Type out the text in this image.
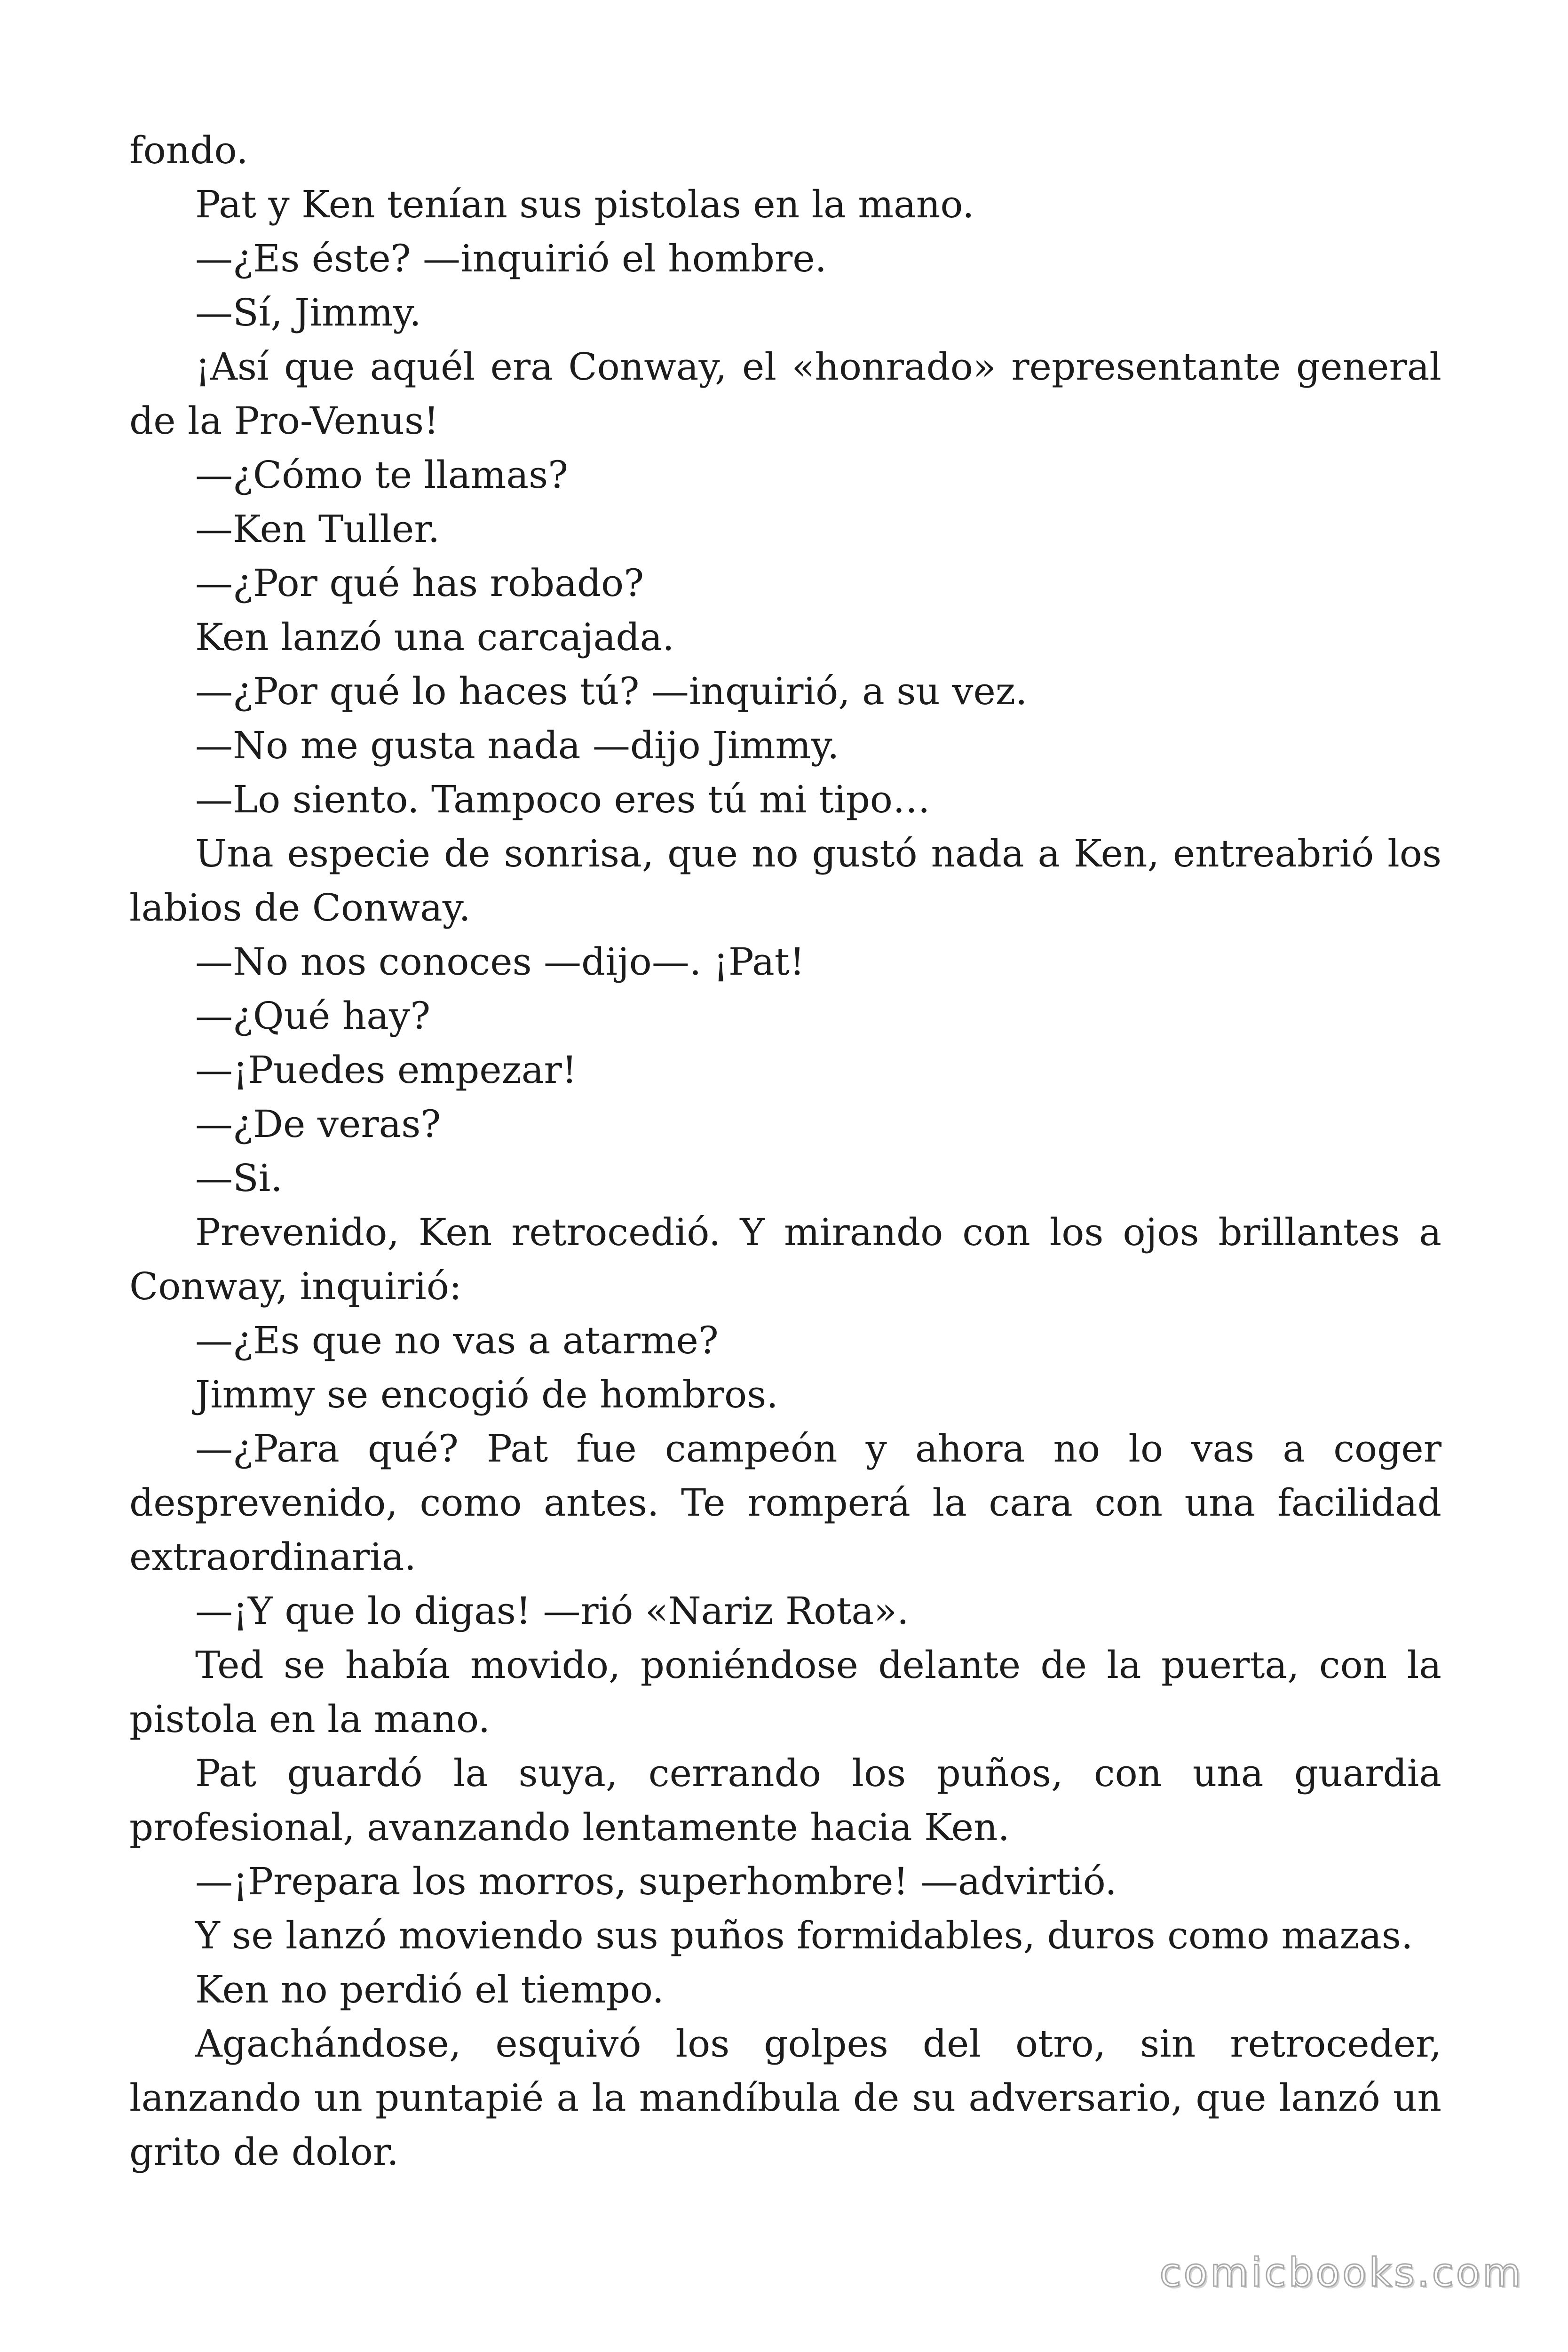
fondo.

Pat y Ken tenían sus pistolas en la mano.

—¿Es éste? —inquirió el hombre.

—Sí, Jimmy.

¡Así que aquél era Conway, el «honrado» representante general de la Pro-Venus!

—¿Cómo te llamas?

—Ken Tuller.

—¿Por qué has robado?

Ken lanzó una carcajada.

—¿Por qué lo haces tú? —inquirió, a su vez.

—No me gusta nada —dijo Jimmy.

—Lo siento. Tampoco eres tú mi tipo…

Una especie de sonrisa, que no gustó nada a Ken, entreabrió los labios de Conway.

—No nos conoces —dijo—. ¡Pat!

—¿Qué hay?

—¡Puedes empezar!

—¿De veras?

—Si.

Prevenido, Ken retrocedió. Y mirando con los ojos brillantes a Conway, inquirió:

—¿Es que no vas a atarme?

Jimmy se encogió de hombros.

—¿Para qué? Pat fue campeón y ahora no lo vas a coger desprevenido, como antes. Te romperá la cara con una facilidad extraordinaria.

—¡Y que lo digas! —rió «Nariz Rota».

Ted se había movido, poniéndose delante de la puerta, con la pistola en la mano.

Pat guardó la suya, cerrando los puños, con una guardia profesional, avanzando lentamente hacia Ken.

—¡Prepara los morros, superhombre! —advirtió.

Y se lanzó moviendo sus puños formidables, duros como mazas.

Ken no perdió el tiempo.

Agachándose, esquivó los golpes del otro, sin retroceder, lanzando un puntapié a la mandíbula de su adversario, que lanzó un grito de dolor.

comicbooks.com
